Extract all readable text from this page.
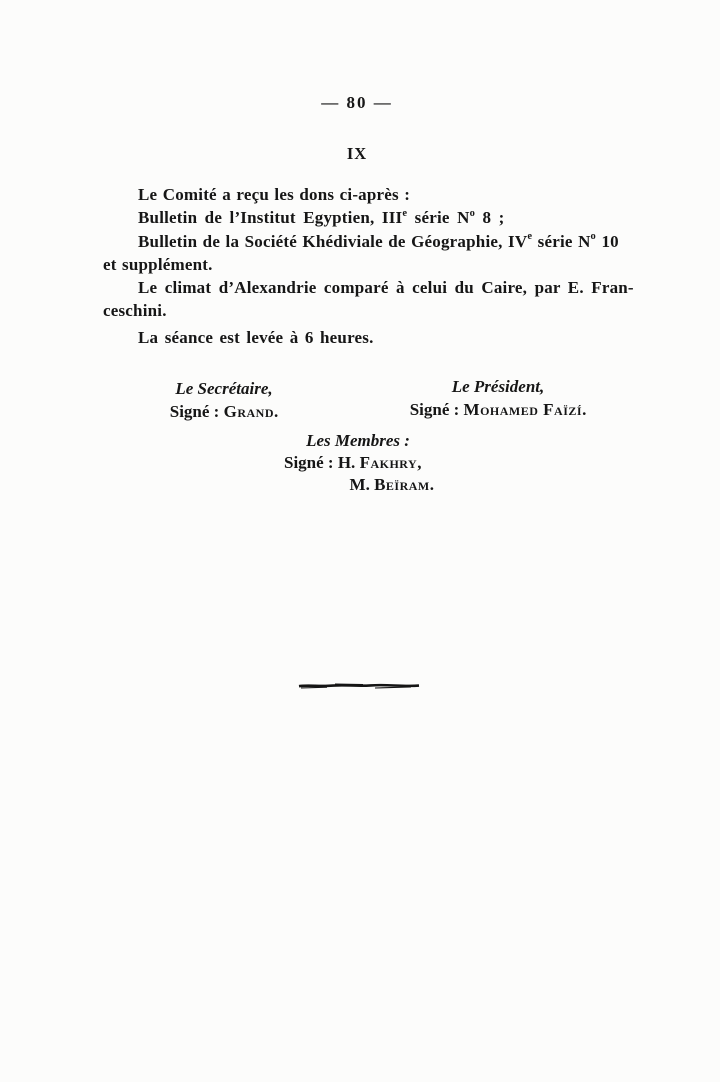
— 80 —
IX
Le Comité a reçu les dons ci-après :
Bulletin de l’Institut Egyptien, IIIe série $N^o$ 8 ;
Bulletin de la Société Khédiviale de Géographie, IVe série $N^o$ 10
et supplément.
Le climat d’Alexandrie comparé à celui du Caire, par E. Fran-
ceschini.
La séance est levée à 6 heures.
Le Secrétaire,
Signé : Grand.
Le Président,
Signé : Mohamed Faïzí.
Les Membres :
Signé : H. Fakhry,
M. Beïram.
